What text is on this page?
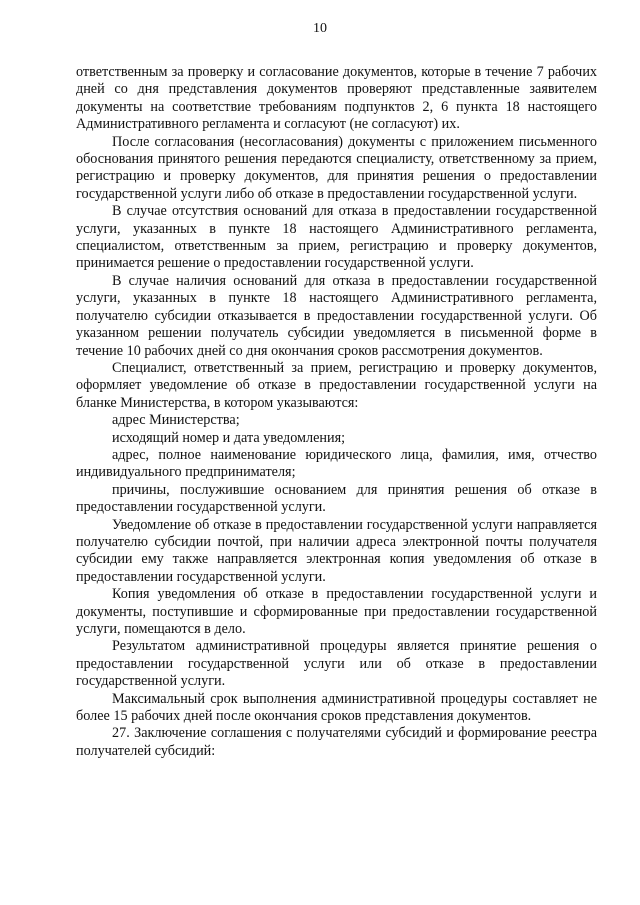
10

ответственным за проверку и согласование документов, которые в течение 7 рабочих дней со дня представления документов проверяют представленные заявителем документы на соответствие требованиям подпунктов 2, 6 пункта 18 настоящего Административного регламента и согласуют (не согласуют) их.

После согласования (несогласования) документы с приложением письменного обоснования принятого решения передаются специалисту, ответственному за прием, регистрацию и проверку документов, для принятия решения о предоставлении государственной услуги либо об отказе в предоставлении государственной услуги.

В случае отсутствия оснований для отказа в предоставлении государственной услуги, указанных в пункте 18 настоящего Административного регламента, специалистом, ответственным за прием, регистрацию и проверку документов, принимается решение о предоставлении государственной услуги.

В случае наличия оснований для отказа в предоставлении государственной услуги, указанных в пункте 18 настоящего Административного регламента, получателю субсидии отказывается в предоставлении государственной услуги. Об указанном решении получатель субсидии уведомляется в письменной форме в течение 10 рабочих дней со дня окончания сроков рассмотрения документов.

Специалист, ответственный за прием, регистрацию и проверку документов, оформляет уведомление об отказе в предоставлении государственной услуги на бланке Министерства, в котором указываются:

адрес Министерства;

исходящий номер и дата уведомления;

адрес, полное наименование юридического лица, фамилия, имя, отчество индивидуального предпринимателя;

причины, послужившие основанием для принятия решения об отказе в предоставлении государственной услуги.

Уведомление об отказе в предоставлении государственной услуги направляется получателю субсидии почтой, при наличии адреса электронной почты получателя субсидии ему также направляется электронная копия уведомления об отказе в предоставлении государственной услуги.

Копия уведомления об отказе в предоставлении государственной услуги и документы, поступившие и сформированные при предоставлении государственной услуги, помещаются в дело.

Результатом административной процедуры является принятие решения о предоставлении государственной услуги или об отказе в предоставлении государственной услуги.

Максимальный срок выполнения административной процедуры составляет не более 15 рабочих дней после окончания сроков представления документов.

27. Заключение соглашения с получателями субсидий и формирование реестра получателей субсидий:
